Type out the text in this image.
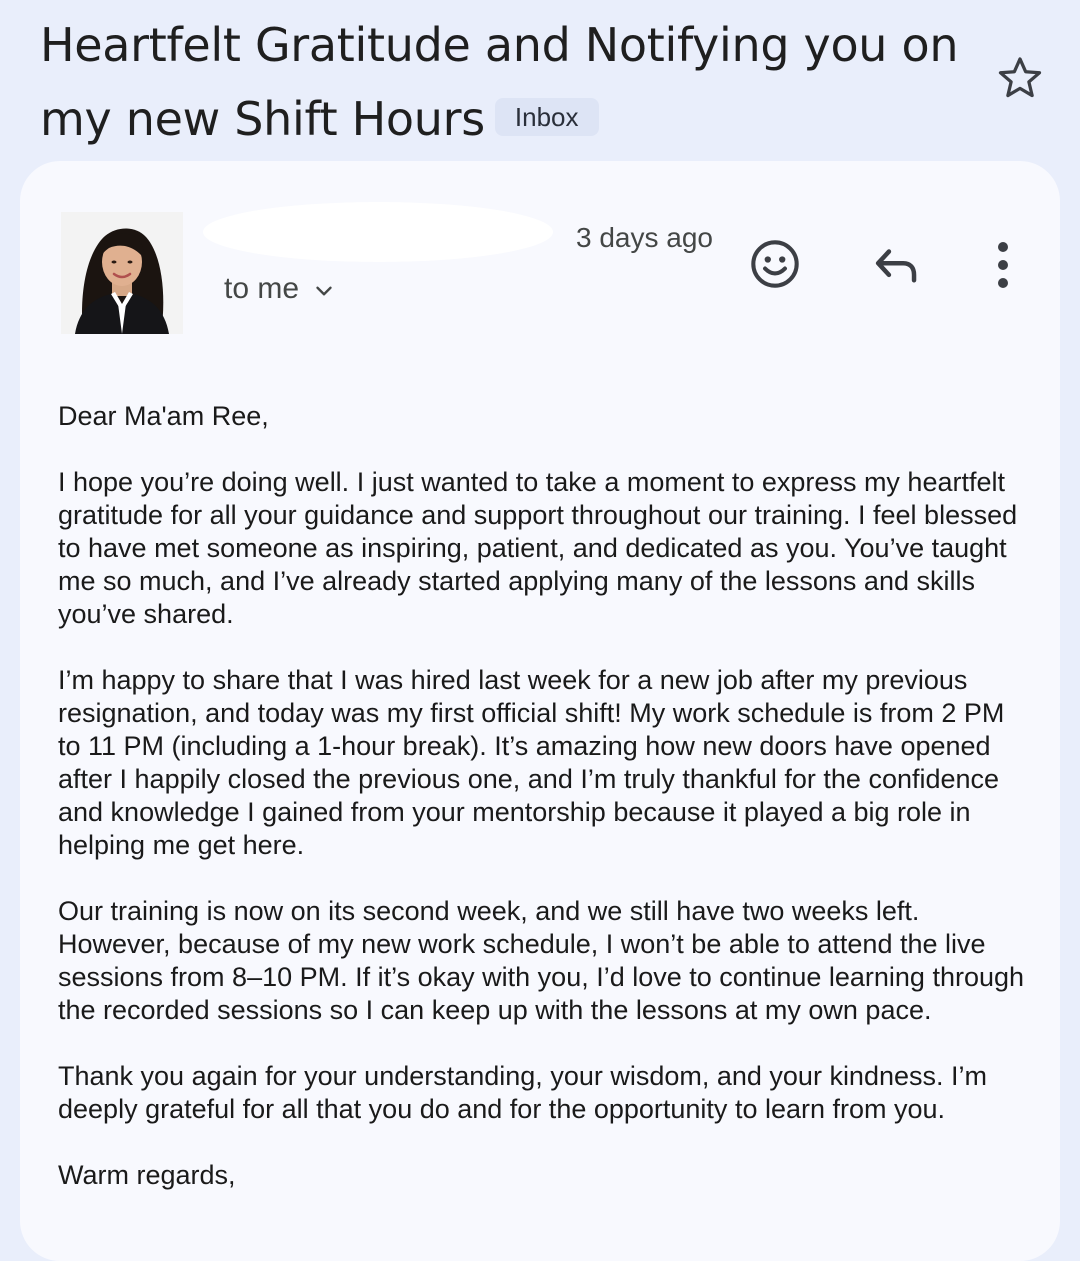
Heartfelt Gratitude and Notifying you on
my new Shift Hours Inbox
3 days ago
to me

Dear Ma'am Ree,

I hope you’re doing well. I just wanted to take a moment to express my heartfelt gratitude for all your guidance and support throughout our training. I feel blessed to have met someone as inspiring, patient, and dedicated as you. You’ve taught me so much, and I’ve already started applying many of the lessons and skills you’ve shared.

I’m happy to share that I was hired last week for a new job after my previous resignation, and today was my first official shift! My work schedule is from 2 PM to 11 PM (including a 1-hour break). It’s amazing how new doors have opened after I happily closed the previous one, and I’m truly thankful for the confidence and knowledge I gained from your mentorship because it played a big role in helping me get here.

Our training is now on its second week, and we still have two weeks left. However, because of my new work schedule, I won’t be able to attend the live sessions from 8–10 PM. If it’s okay with you, I’d love to continue learning through the recorded sessions so I can keep up with the lessons at my own pace.

Thank you again for your understanding, your wisdom, and your kindness. I’m deeply grateful for all that you do and for the opportunity to learn from you.
